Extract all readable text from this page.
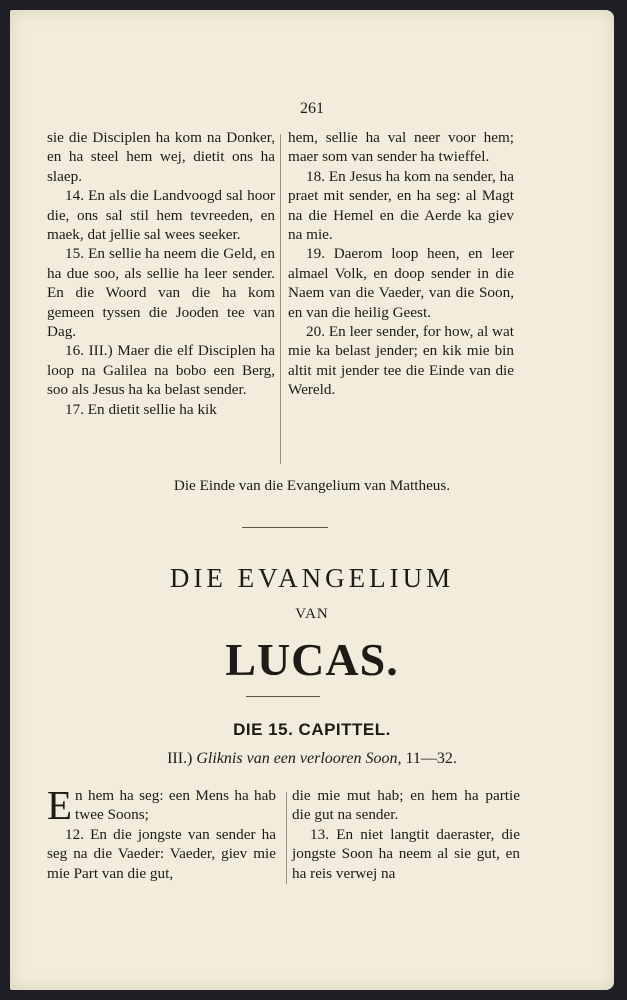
261

sie die Disciplen ha kom na Donker, en ha steel hem wej, dietit ons ha slaep.

14. En als die Landvoogd sal hoor die, ons sal stil hem tevreeden, en maek, dat jellie sal wees seeker.

15. En sellie ha neem die Geld, en ha due soo, als sellie ha leer sender. En die Woord van die ha kom gemeen tyssen die Jooden tee van Dag.

16. III.) Maer die elf Disciplen ha loop na Galilea na bobo een Berg, soo als Jesus ha ka belast sender.

17. En dietit sellie ha kik

hem, sellie ha val neer voor hem; maer som van sender ha twieffel.

18. En Jesus ha kom na sender, ha praet mit sender, en ha seg: al Magt na die Hemel en die Aerde ka giev na mie.

19. Daerom loop heen, en leer almael Volk, en doop sender in die Naem van die Vaeder, van die Soon, en van die heilig Geest.

20. En leer sender, for how, al wat mie ka belast jender; en kik mie bin altit mit jender tee die Einde van die Wereld.

Die Einde van die Evangelium van Mattheus.
DIE EVANGELIUM
VAN
LUCAS.
DIE 15. CAPITTEL.
III.) Gliknis van een verlooren Soon, 11—32.

En hem ha seg: een Mens ha hab twee Soons;

12. En die jongste van sender ha seg na die Vaeder: Vaeder, giev mie mie Part van die gut,

die mie mut hab; en hem ha partie die gut na sender.

13. En niet langtit daeraster, die jongste Soon ha neem al sie gut, en ha reis verwej na
